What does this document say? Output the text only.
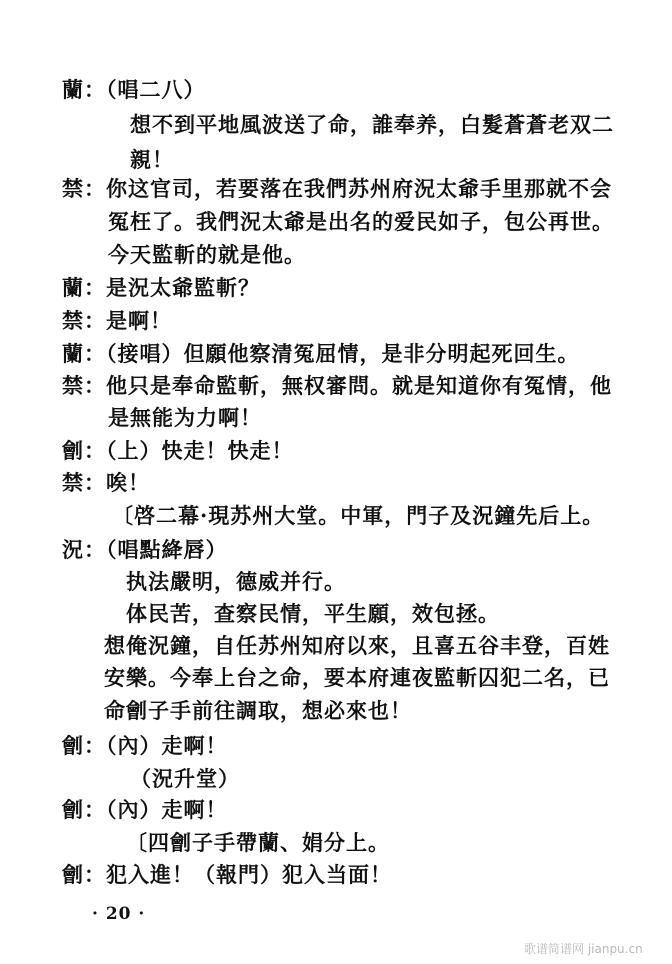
蘭：（唱二八）
想不到平地風波送了命，誰奉养，白髮蒼蒼老双二
親！
禁：你这官司，若要落在我們苏州府況太爺手里那就不会
冤枉了。我們況太爺是出名的爱民如子，包公再世。
今天監斬的就是他。
蘭：是況太爺監斬？
禁：是啊！
蘭：（接唱）但願他察清冤屈情，是非分明起死回生。
禁：他只是奉命監斬，無权審問。就是知道你有冤情，他
是無能为力啊！
劊：（上）快走！快走！
禁：唉！
〔啓二幕·現苏州大堂。中軍，門子及況鐘先后上。
況：（唱點絳唇）
执法嚴明，德威并行。
体民苦，查察民情，平生願，效包拯。
想俺況鐘，自任苏州知府以來，且喜五谷丰登，百姓
安樂。今奉上台之命，要本府連夜監斬囚犯二名，已
命劊子手前往調取，想必來也！
劊：（內）走啊！
（況升堂）
劊：（內）走啊！
〔四劊子手帶蘭、娟分上。
劊：犯入進！（報門）犯入当面！
· 20 ·
歌谱简谱网 jianpu.cn
